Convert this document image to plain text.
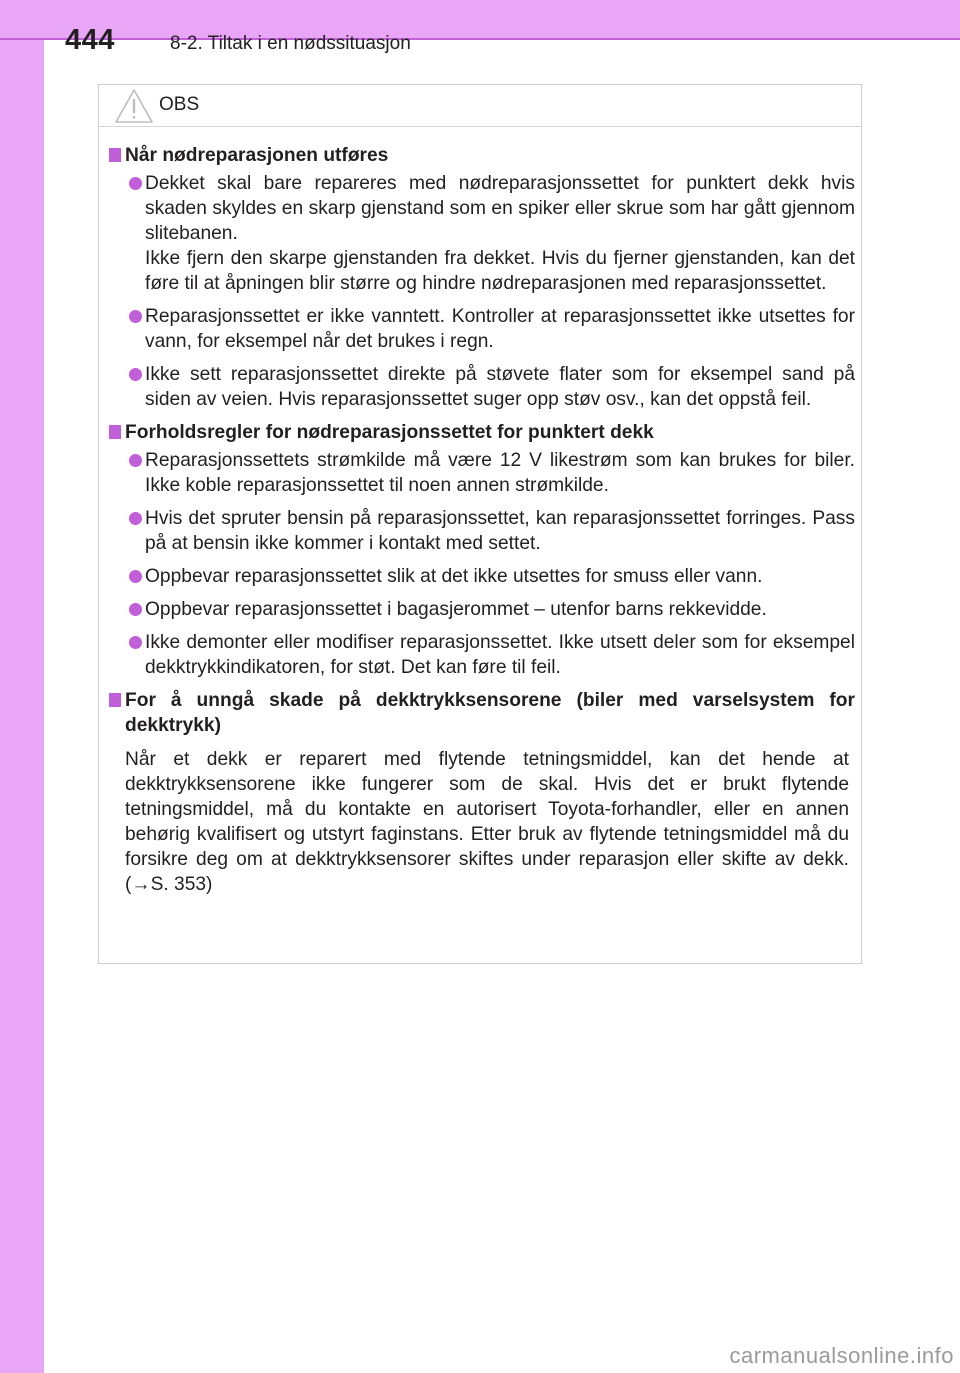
444	8-2. Tiltak i en nødssituasjon
OBS
Når nødreparasjonen utføres
Dekket skal bare repareres med nødreparasjonssettet for punktert dekk hvis skaden skyldes en skarp gjenstand som en spiker eller skrue som har gått gjennom slitebanen.
Ikke fjern den skarpe gjenstanden fra dekket. Hvis du fjerner gjenstanden, kan det føre til at åpningen blir større og hindre nødreparasjonen med reparasjonssettet.
Reparasjonssettet er ikke vanntett. Kontroller at reparasjonssettet ikke utsettes for vann, for eksempel når det brukes i regn.
Ikke sett reparasjonssettet direkte på støvete flater som for eksempel sand på siden av veien. Hvis reparasjonssettet suger opp støv osv., kan det oppstå feil.
Forholdsregler for nødreparasjonssettet for punktert dekk
Reparasjonssettets strømkilde må være 12 V likestrøm som kan brukes for biler. Ikke koble reparasjonssettet til noen annen strømkilde.
Hvis det spruter bensin på reparasjonssettet, kan reparasjonssettet forringes. Pass på at bensin ikke kommer i kontakt med settet.
Oppbevar reparasjonssettet slik at det ikke utsettes for smuss eller vann.
Oppbevar reparasjonssettet i bagasjerommet – utenfor barns rekkevidde.
Ikke demonter eller modifiser reparasjonssettet. Ikke utsett deler som for eksempel dekktrykkindikatoren, for støt. Det kan føre til feil.
For å unngå skade på dekktrykksensorene (biler med varselsystem for dekktrykk)
Når et dekk er reparert med flytende tetningsmiddel, kan det hende at dekktrykksensorene ikke fungerer som de skal. Hvis det er brukt flytende tetningsmiddel, må du kontakte en autorisert Toyota-forhandler, eller en annen behørig kvalifisert og utstyrt faginstans. Etter bruk av flytende tetningsmiddel må du forsikre deg om at dekktrykksensorer skiftes under reparasjon eller skifte av dekk. (→S. 353)
carmanualsonline.info
